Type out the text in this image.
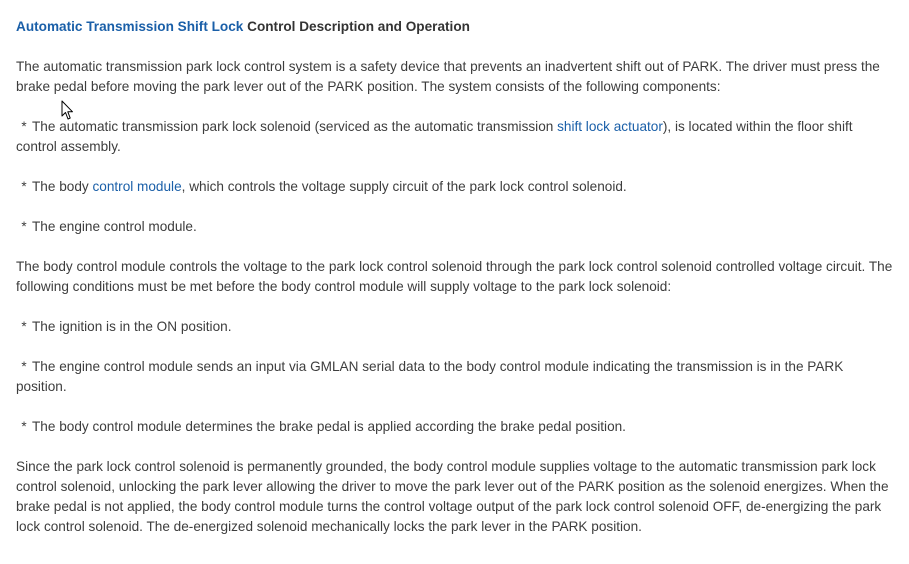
Automatic Transmission Shift Lock Control Description and Operation

The automatic transmission park lock control system is a safety device that prevents an inadvertent shift out of PARK. The driver must press the brake pedal before moving the park lever out of the PARK position. The system consists of the following components:

* The automatic transmission park lock solenoid (serviced as the automatic transmission shift lock actuator), is located within the floor shift control assembly.
* The body control module, which controls the voltage supply circuit of the park lock control solenoid.
* The engine control module.

The body control module controls the voltage to the park lock control solenoid through the park lock control solenoid controlled voltage circuit. The following conditions must be met before the body control module will supply voltage to the park lock solenoid:

* The ignition is in the ON position.
* The engine control module sends an input via GMLAN serial data to the body control module indicating the transmission is in the PARK position.
* The body control module determines the brake pedal is applied according the brake pedal position.

Since the park lock control solenoid is permanently grounded, the body control module supplies voltage to the automatic transmission park lock control solenoid, unlocking the park lever allowing the driver to move the park lever out of the PARK position as the solenoid energizes. When the brake pedal is not applied, the body control module turns the control voltage output of the park lock control solenoid OFF, de-energizing the park lock control solenoid. The de-energized solenoid mechanically locks the park lever in the PARK position.
